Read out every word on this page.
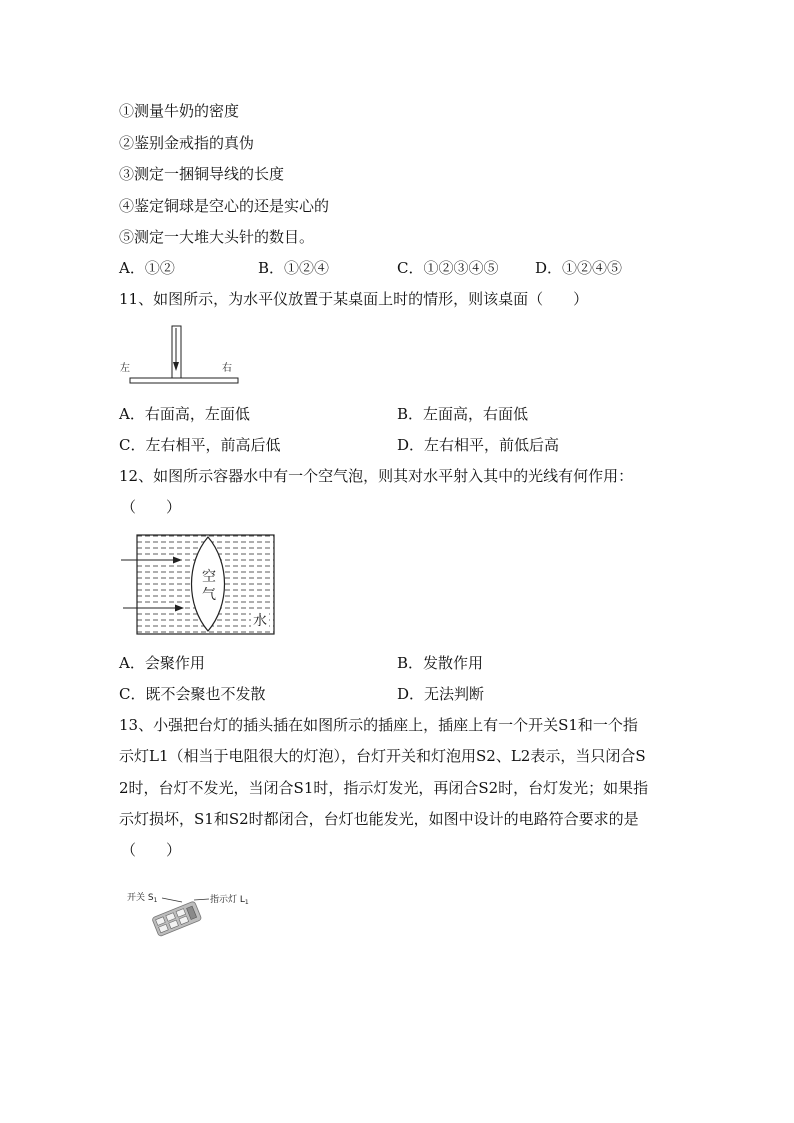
①测量牛奶的密度
②鉴别金戒指的真伪
③测定一捆铜导线的长度
④鉴定铜球是空心的还是实心的
⑤测定一大堆大头针的数目。
A．①②	B．①②④	C．①②③④⑤ D．①②④⑤
11、如图所示，为水平仪放置于某桌面上时的情形，则该桌面（　　）
左	右
A．右面高，左面低	B．左面高，右面低
C．左右相平，前高后低	D．左右相平，前低后高
12、如图所示容器水中有一个空气泡，则其对水平射入其中的光线有何作用：
（　　）
空
气
水
A．会聚作用	B．发散作用
C．既不会聚也不发散	D．无法判断
13、小强把台灯的插头插在如图所示的插座上，插座上有一个开关S1和一个指
示灯L1（相当于电阻很大的灯泡），台灯开关和灯泡用S2、L2表示，当只闭合S
2时，台灯不发光，当闭合S1时，指示灯发光，再闭合S2时，台灯发光；如果指
示灯损坏，S1和S2时都闭合，台灯也能发光，如图中设计的电路符合要求的是
（　　）
开关 $S_1$	指示灯 $L_1$
